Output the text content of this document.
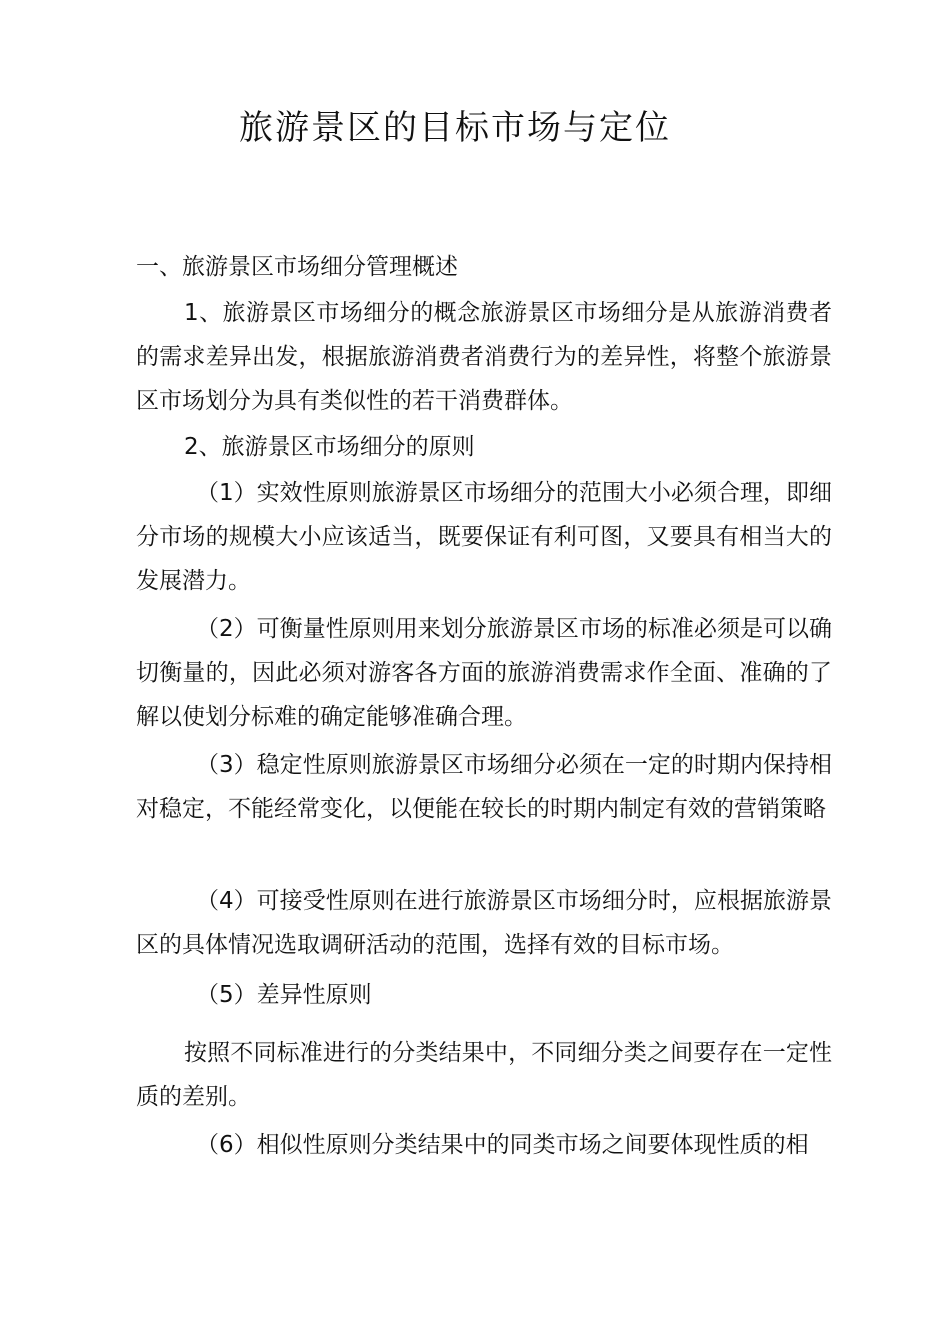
旅游景区的目标市场与定位

一、旅游景区市场细分管理概述

1、旅游景区市场细分的概念旅游景区市场细分是从旅游消费者的需求差异出发，根据旅游消费者消费行为的差异性，将整个旅游景区市场划分为具有类似性的若干消费群体。

2、旅游景区市场细分的原则

（1）实效性原则旅游景区市场细分的范围大小必须合理，即细分市场的规模大小应该适当，既要保证有利可图，又要具有相当大的发展潜力。

（2）可衡量性原则用来划分旅游景区市场的标准必须是可以确切衡量的，因此必须对游客各方面的旅游消费需求作全面、准确的了解以使划分标难的确定能够准确合理。

（3）稳定性原则旅游景区市场细分必须在一定的时期内保持相对稳定，不能经常变化，以便能在较长的时期内制定有效的营销策略

（4）可接受性原则在进行旅游景区市场细分时，应根据旅游景区的具体情况选取调研活动的范围，选择有效的目标市场。

（5）差异性原则

按照不同标准进行的分类结果中，不同细分类之间要存在一定性质的差别。

（6）相似性原则分类结果中的同类市场之间要体现性质的相
